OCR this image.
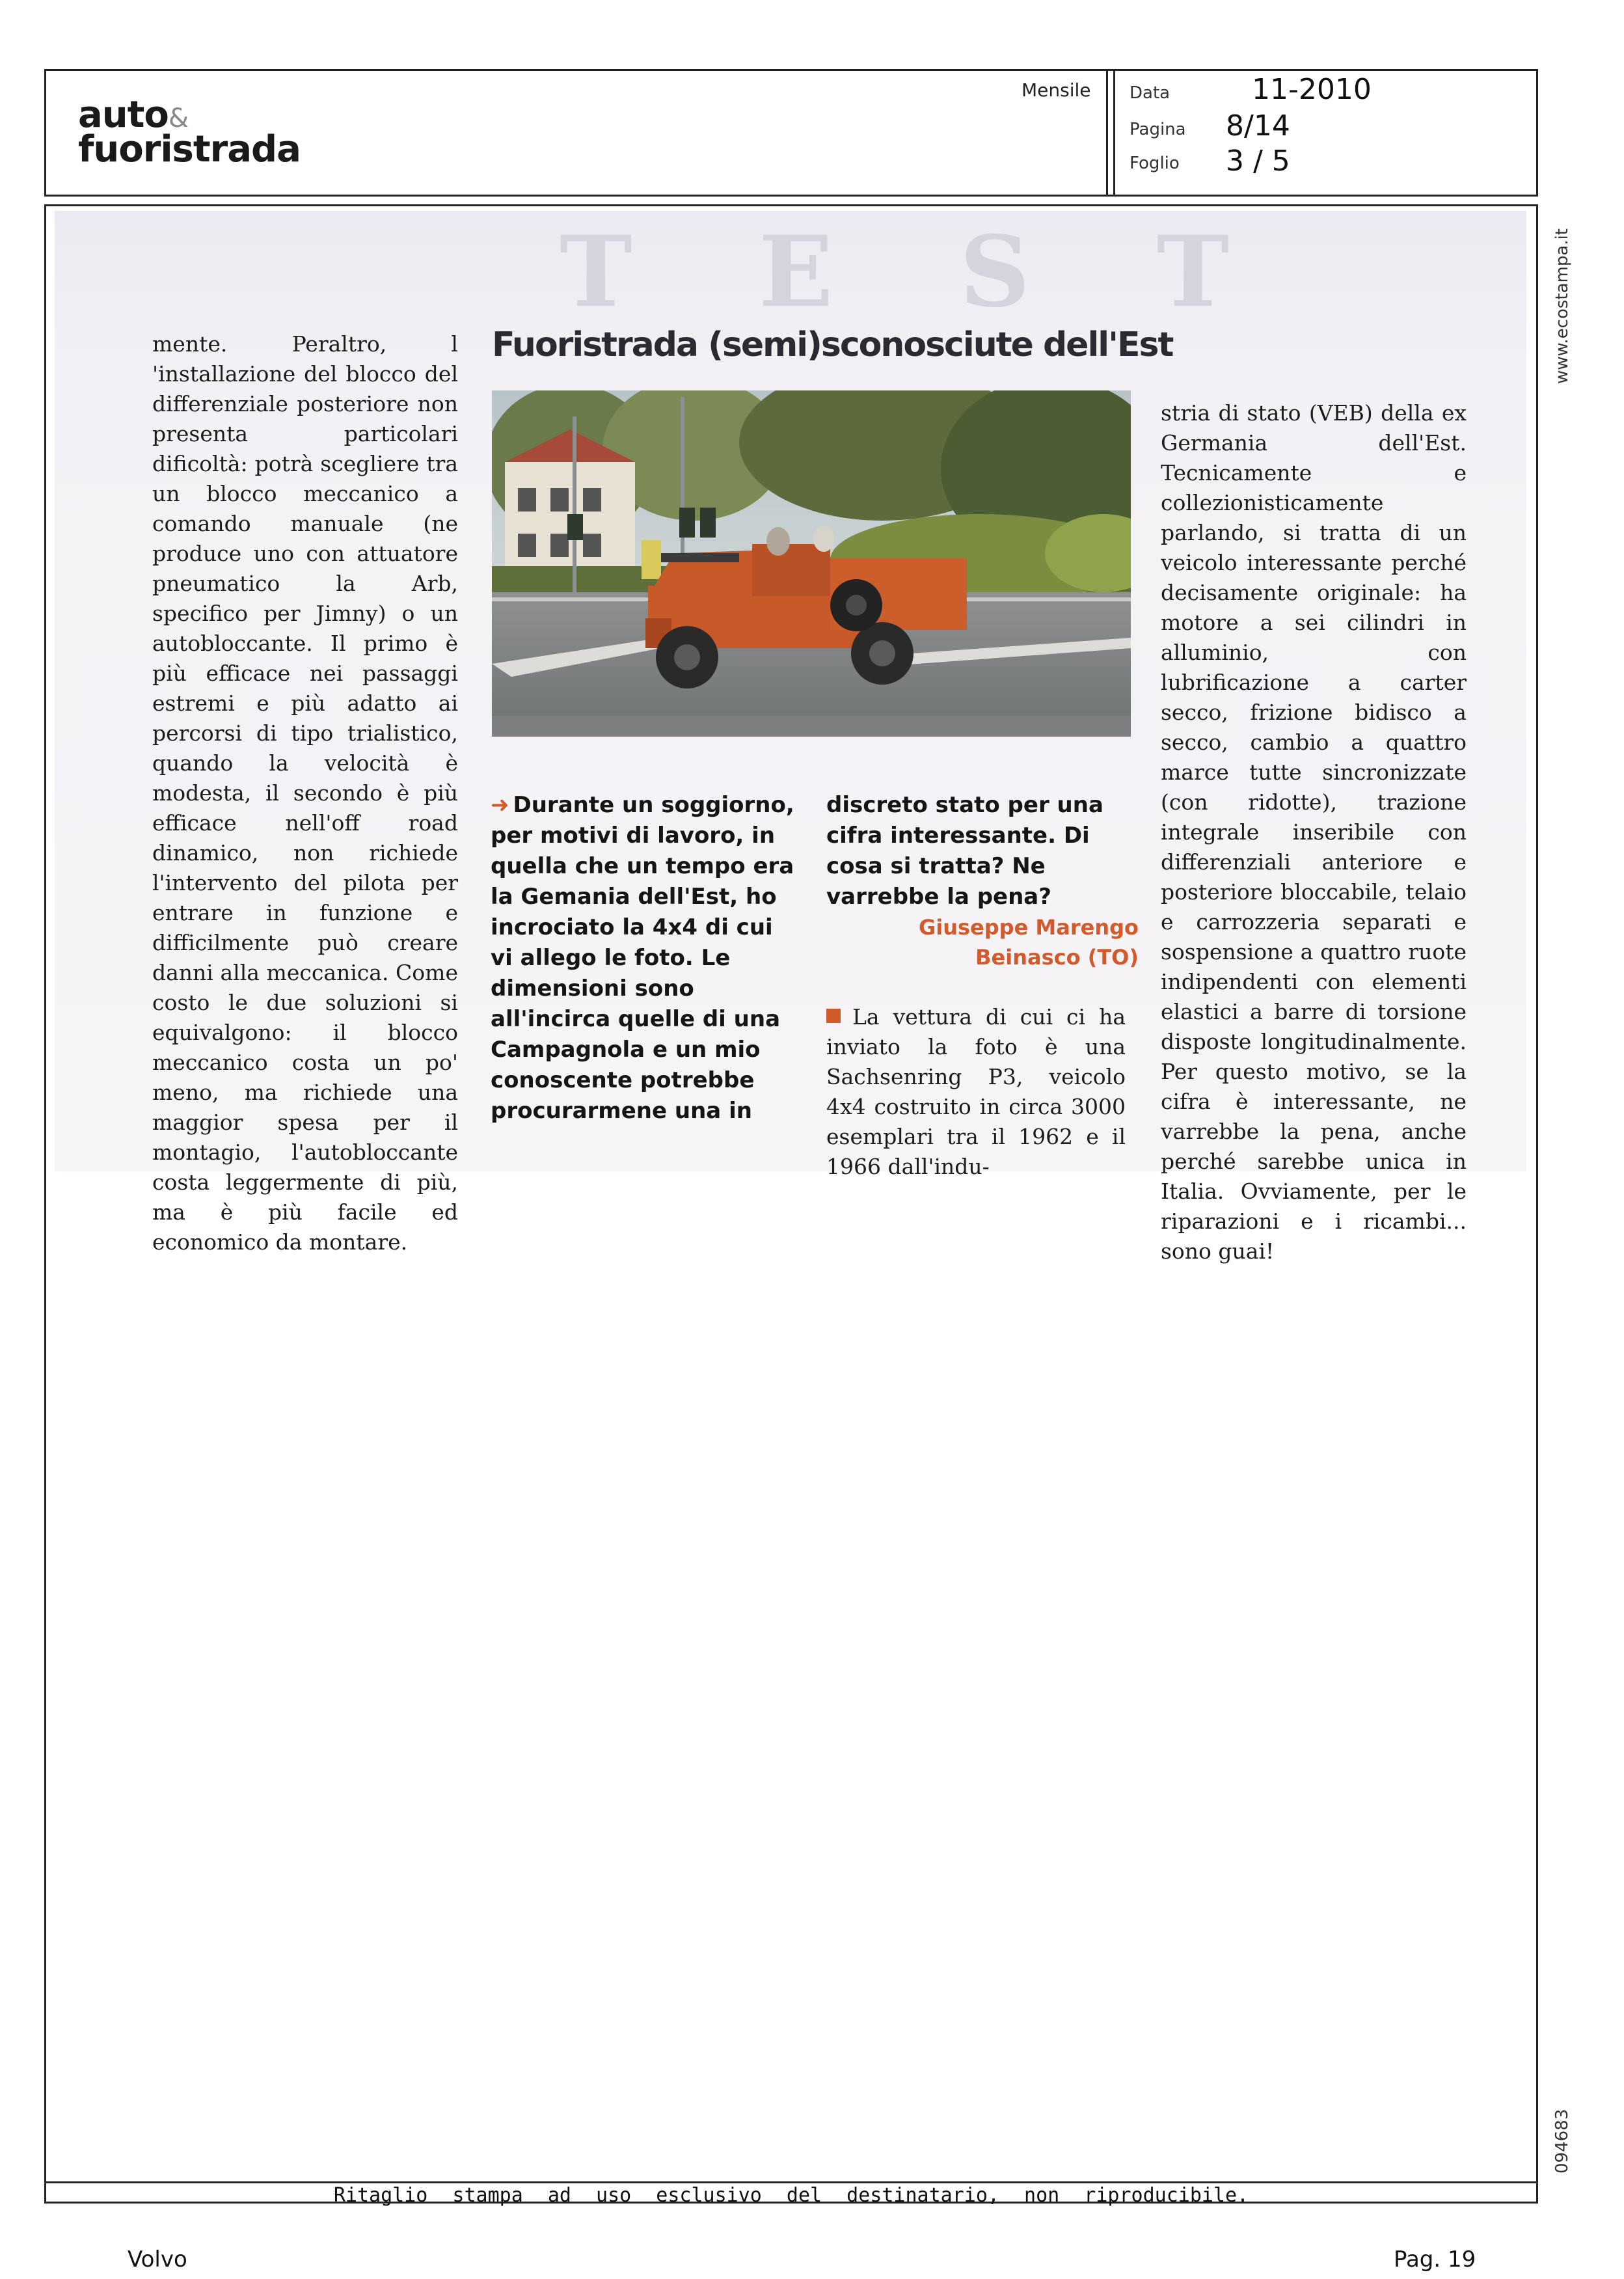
auto&
fuoristrada
Mensile Data	11-2010
Pagina 8/14
Foglio 3 / 5
T  E  S  T	www.ecostampa.it
094683
mente. Peraltro, l 'installazione del blocco del differenziale posteriore non presenta particolari dificoltà: potrà scegliere tra un blocco meccanico a comando manuale (ne produce uno con attuatore pneumatico la Arb, specifico per Jimny) o un autobloccante. Il primo è più efficace nei passaggi estremi e più adatto ai percorsi di tipo trialistico, quando la velocità è modesta, il secondo è più efficace nell'off road dinamico, non richiede l'intervento del pilota per entrare in funzione e difficilmente può creare danni alla meccanica. Come costo le due soluzioni si equivalgono: il blocco meccanico costa un po' meno, ma richiede una maggior spesa per il montagio, l'autobloccante costa leggermente di più, ma è più facile ed economico da montare.
Fuoristrada (semi)sconosciute dell'Est
➜ Durante un soggiorno, per motivi di lavoro, in quella che un tempo era la Gemania dell'Est, ho incrociato la 4x4 di cui vi allego le foto. Le dimensioni sono all'incirca quelle di una Campagnola e un mio conoscente potrebbe procurarmene una in
discreto stato per una cifra interessante. Di cosa si tratta? Ne varrebbe la pena?
Giuseppe Marengo
Beinasco (TO)
La vettura di cui ci ha inviato la foto è una Sachsenring P3, veicolo 4x4 costruito in circa 3000 esemplari tra il 1962 e il 1966 dall'indu-
stria di stato (VEB) della ex Germania dell'Est. Tecnicamente e collezionisticamente parlando, si tratta di un veicolo interessante perché decisamente originale: ha motore a sei cilindri in alluminio, con lubrificazione a carter secco, frizione bidisco a secco, cambio a quattro marce tutte sincronizzate (con ridotte), trazione integrale inseribile con differenziali anteriore e posteriore bloccabile, telaio e carrozzeria separati e sospensione a quattro ruote indipendenti con elementi elastici a barre di torsione disposte longitudinalmente. Per questo motivo, se la cifra è interessante, ne varrebbe la pena, anche perché sarebbe unica in Italia. Ovviamente, per le riparazioni e i ricambi... sono guai!
Ritaglio stampa ad uso esclusivo del destinatario, non riproducibile.
Volvo	Pag. 19
